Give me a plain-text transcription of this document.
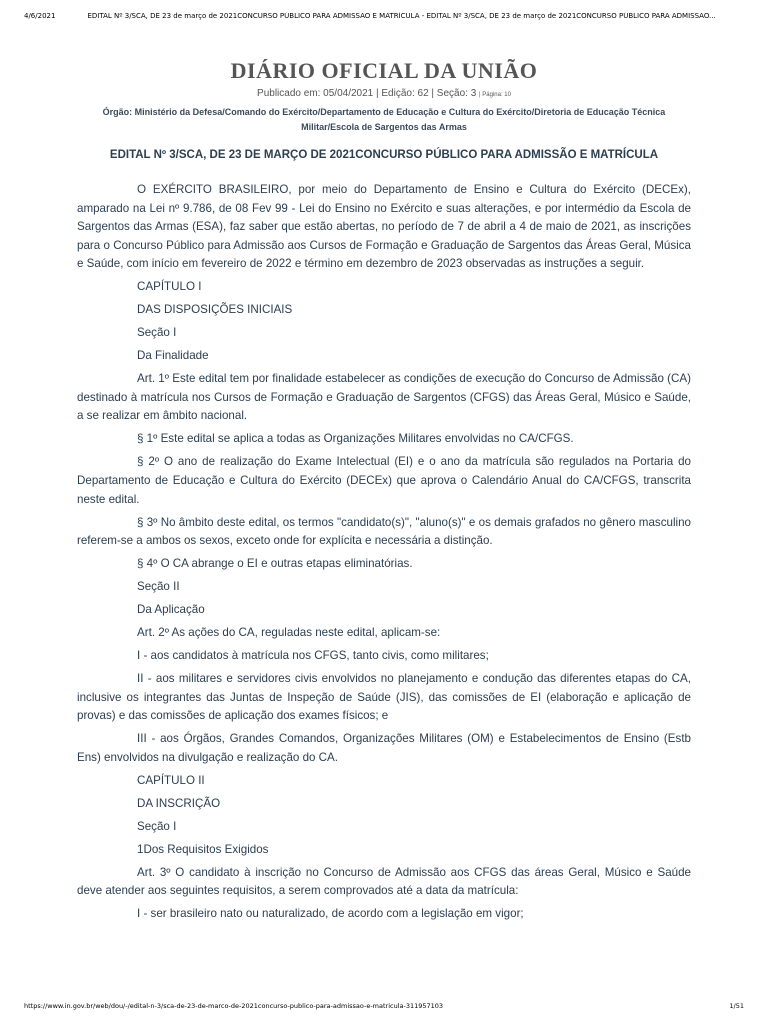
4/6/2021	EDITAL Nº 3/SCA, DE 23 de março de 2021CONCURSO PÚBLICO PARA ADMISSÃO E MATRÍCULA - EDITAL Nº 3/SCA, DE 23 de março de 2021CONCURSO PÚBLICO PARA ADMISSÃO...
DIÁRIO OFICIAL DA UNIÃO
Publicado em: 05/04/2021 | Edição: 62 | Seção: 3 | Página: 10
Órgão: Ministério da Defesa/Comando do Exército/Departamento de Educação e Cultura do Exército/Diretoria de Educação Técnica
Militar/Escola de Sargentos das Armas
EDITAL Nº 3/SCA, DE 23 DE MARÇO DE 2021CONCURSO PÚBLICO PARA ADMISSÃO E MATRÍCULA

O EXÉRCITO BRASILEIRO, por meio do Departamento de Ensino e Cultura do Exército (DECEx), amparado na Lei nº 9.786, de 08 Fev 99 - Lei do Ensino no Exército e suas alterações, e por intermédio da Escola de Sargentos das Armas (ESA), faz saber que estão abertas, no período de 7 de abril a 4 de maio de 2021, as inscrições para o Concurso Público para Admissão aos Cursos de Formação e Graduação de Sargentos das Áreas Geral, Música e Saúde, com início em fevereiro de 2022 e término em dezembro de 2023 observadas as instruções a seguir.

CAPÍTULO I

DAS DISPOSIÇÕES INICIAIS

Seção I

Da Finalidade

Art. 1º Este edital tem por finalidade estabelecer as condições de execução do Concurso de Admissão (CA) destinado à matrícula nos Cursos de Formação e Graduação de Sargentos (CFGS) das Áreas Geral, Músico e Saúde, a se realizar em âmbito nacional.

§ 1º Este edital se aplica a todas as Organizações Militares envolvidas no CA/CFGS.

§ 2º O ano de realização do Exame Intelectual (EI) e o ano da matrícula são regulados na Portaria do Departamento de Educação e Cultura do Exército (DECEx) que aprova o Calendário Anual do CA/CFGS, transcrita neste edital.

§ 3º No âmbito deste edital, os termos "candidato(s)", "aluno(s)" e os demais grafados no gênero masculino referem-se a ambos os sexos, exceto onde for explícita e necessária a distinção.

§ 4º O CA abrange o EI e outras etapas eliminatórias.

Seção II

Da Aplicação

Art. 2º As ações do CA, reguladas neste edital, aplicam-se:

I - aos candidatos à matrícula nos CFGS, tanto civis, como militares;

II - aos militares e servidores civis envolvidos no planejamento e condução das diferentes etapas do CA, inclusive os integrantes das Juntas de Inspeção de Saúde (JIS), das comissões de EI (elaboração e aplicação de provas) e das comissões de aplicação dos exames físicos; e

III - aos Órgãos, Grandes Comandos, Organizações Militares (OM) e Estabelecimentos de Ensino (Estb Ens) envolvidos na divulgação e realização do CA.

CAPÍTULO II

DA INSCRIÇÃO

Seção I

1Dos Requisitos Exigidos

Art. 3º O candidato à inscrição no Concurso de Admissão aos CFGS das áreas Geral, Músico e Saúde deve atender aos seguintes requisitos, a serem comprovados até a data da matrícula:

I - ser brasileiro nato ou naturalizado, de acordo com a legislação em vigor;

https://www.in.gov.br/web/dou/-/edital-n-3/sca-de-23-de-marco-de-2021concurso-publico-para-admissao-e-matricula-311957103	1/51
